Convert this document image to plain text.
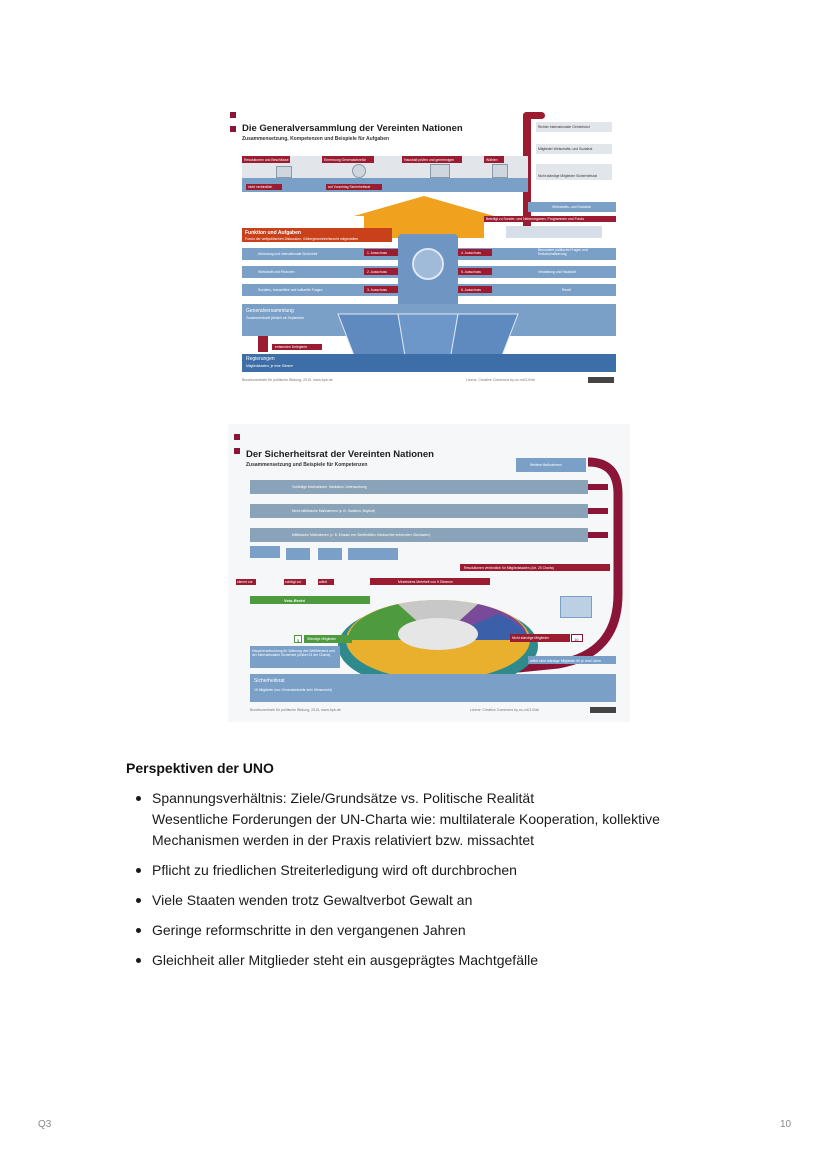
Die Generalversammlung der Vereinten Nationen
Zusammensetzung, Kompetenzen und Beispiele für Aufgaben
Richter Internationaler Gerichtshof
Mitglieder Wirtschafts- und Sozialrat
Nicht ständige Mitglieder Sicherheitsrat
Resolutionen und Beschlüsse	Ernennung Generalsekretär	Haushalt prüfen und genehmigen	Wählen
nicht verbindlich	auf Vorschlag Sicherheitsrat
Beteiligt zu Sonder- und Nebenorganen, Programmen und Fonds
Wirtschafts- und Sozialrat
Funktion und Aufgaben
Forum der weltpolitischen Diskussion, Völkergewohnheitsrecht mitgestalten
Abrüstung und internationale Sicherheit
Besondere politische Fragen und Entkolonialisierung
1. Ausschuss	4. Ausschuss
Wirtschaft und Finanzen	Verwaltung und Haushalt
2. Ausschuss	5. Ausschuss
Soziales, humanitäre und kulturelle Fragen	Recht
3. Ausschuss	6. Ausschuss
Generalversammlung
Zusammenkunft jährlich ab September
entsenden Delegierte
Regierungen
Mitgliedstaaten, je eine Stimme
Bundeszentrale für politische Bildung, 2015, www.bpb.de	Lizenz: Creative Commons by-nc-nd/3.0/de
Der Sicherheitsrat der Vereinten Nationen
Zusammensetzung und Beispiele für Kompetenzen	Weitere Maßnahmen
Vorläufige Maßnahmen, Mediation, Untersuchung
Nicht-militärische Maßnahmen (z. B. Sanktion, Boykott)
Militärische Maßnahmen (z. B. Einsatz von Streitkräften, Beobachter entsenden, Blockaden)
stimmt vor	schlägt vor	wählt
Resolutionen verbindlich für Mitgliedstaaten (Art. 25 Charta)
Mindestens Mehrheit von 9 Stimmen
Veto-Recht
5 Ständige Mitglieder	Nicht ständige Mitglieder	10
Hauptverantwortung für Wahrung des Weltfriedens und der internationalen Sicherheit (Artikel 24 der Charta)
wählt nicht ständige Mitglieder für je zwei Jahre
Sicherheitsrat
15 Mitglieder (nur Generalsekretär kein Stimmrecht)
Bundeszentrale für politische Bildung, 2015, www.bpb.de	Lizenz: Creative Commons by-nc-nd/3.0/de
Perspektiven der UNO
Spannungsverhältnis: Ziele/Grundsätze vs. Politische Realität
Wesentliche Forderungen der UN-Charta wie: multilaterale Kooperation, kollektive
Mechanismen werden in der Praxis relativiert bzw. missachtet
Pflicht zu friedlichen Streiterledigung wird oft durchbrochen
Viele Staaten wenden trotz Gewaltverbot Gewalt an
Geringe reformschritte in den vergangenen Jahren
Gleichheit aller Mitglieder steht ein ausgeprägtes Machtgefälle
Q3	10
